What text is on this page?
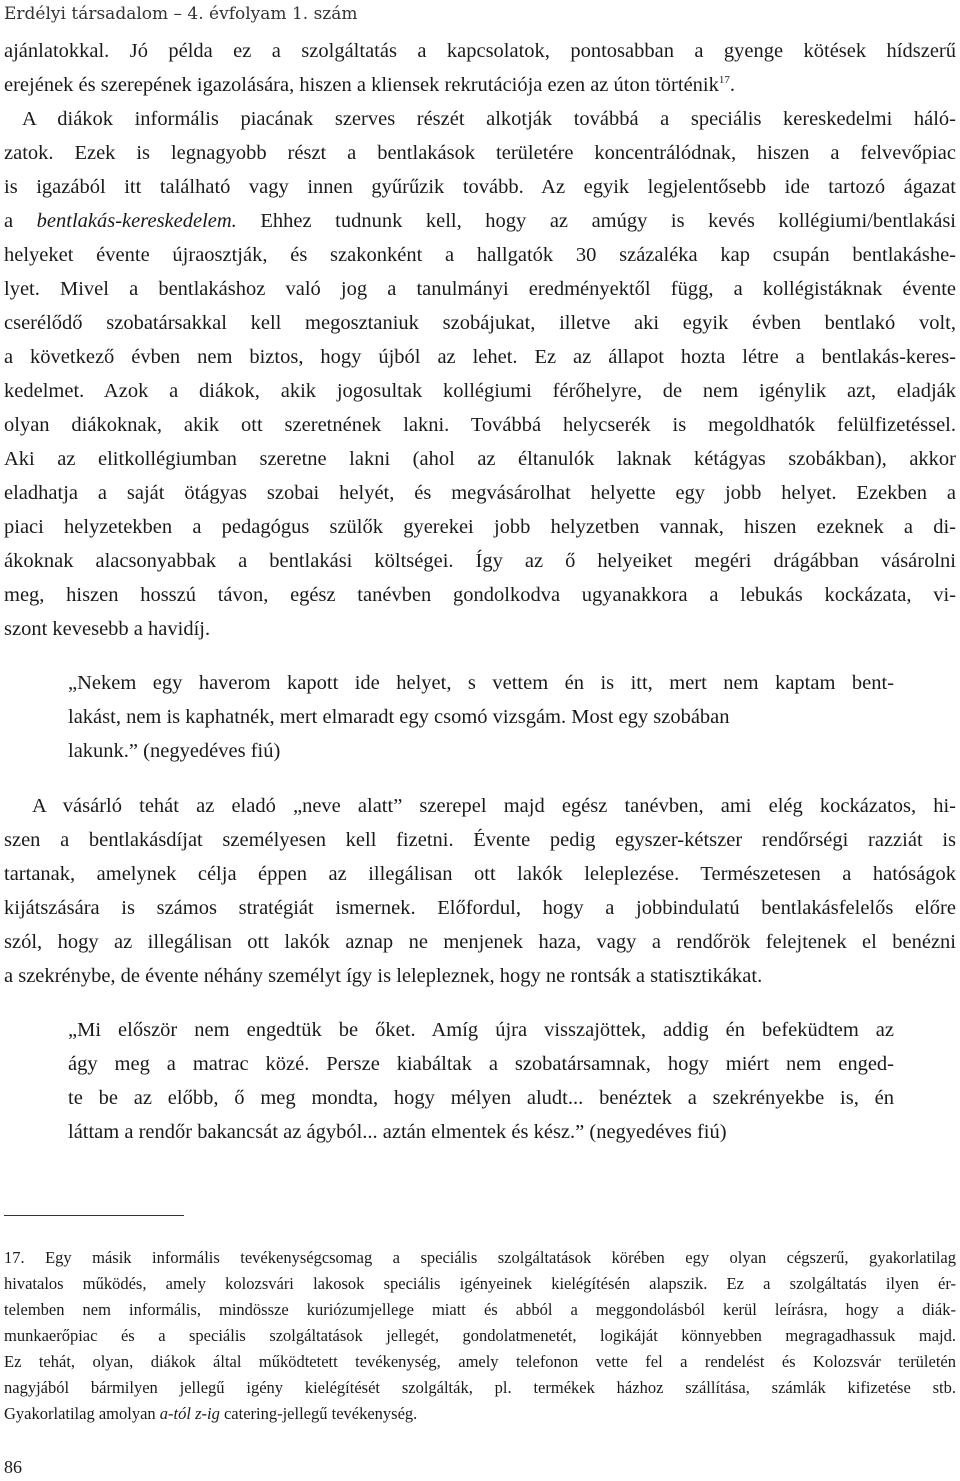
Erdélyi társadalom – 4. évfolyam 1. szám
ajánlatokkal. Jó példa ez a szolgáltatás a kapcsolatok, pontosabban a gyenge kötések hídszerű
erejének és szerepének igazolására, hiszen a kliensek rekrutációja ezen az úton történik$^{17}$.
A diákok informális piacának szerves részét alkotják továbbá a speciális kereskedelmi háló-
zatok. Ezek is legnagyobb részt a bentlakások területére koncentrálódnak, hiszen a felvevőpiac
is igazából itt található vagy innen gyűrűzik tovább. Az egyik legjelentősebb ide tartozó ágazat
a bentlakás-kereskedelem. Ehhez tudnunk kell, hogy az amúgy is kevés kollégiumi/bentlakási
helyeket évente újraosztják, és szakonként a hallgatók 30 százaléka kap csupán bentlakáshe-
lyet. Mivel a bentlakáshoz való jog a tanulmányi eredményektől függ, a kollégistáknak évente
cserélődő szobatársakkal kell megosztaniuk szobájukat, illetve aki egyik évben bentlakó volt,
a következő évben nem biztos, hogy újból az lehet. Ez az állapot hozta létre a bentlakás-keres-
kedelmet. Azok a diákok, akik jogosultak kollégiumi férőhelyre, de nem igénylik azt, eladják
olyan diákoknak, akik ott szeretnének lakni. Továbbá helycserék is megoldhatók felülfizetéssel.
Aki az elitkollégiumban szeretne lakni (ahol az éltanulók laknak kétágyas szobákban), akkor
eladhatja a saját ötágyas szobai helyét, és megvásárolhat helyette egy jobb helyet. Ezekben a
piaci helyzetekben a pedagógus szülők gyerekei jobb helyzetben vannak, hiszen ezeknek a di-
ákoknak alacsonyabbak a bentlakási költségei. Így az ő helyeiket megéri drágábban vásárolni
meg, hiszen hosszú távon, egész tanévben gondolkodva ugyanakkora a lebukás kockázata, vi-
szont kevesebb a havidíj.
„Nekem egy haverom kapott ide helyet, s vettem én is itt, mert nem kaptam bent-
lakást, nem is kaphatnék, mert elmaradt egy csomó vizsgám. Most egy szobában
lakunk.” (negyedéves fiú)
A vásárló tehát az eladó „neve alatt” szerepel majd egész tanévben, ami elég kockázatos, hi-
szen a bentlakásdíjat személyesen kell fizetni. Évente pedig egyszer-kétszer rendőrségi razziát is
tartanak, amelynek célja éppen az illegálisan ott lakók leleplezése. Természetesen a hatóságok
kijátszására is számos stratégiát ismernek. Előfordul, hogy a jobbindulatú bentlakásfelelős előre
szól, hogy az illegálisan ott lakók aznap ne menjenek haza, vagy a rendőrök felejtenek el benézni
a szekrénybe, de évente néhány személyt így is lelepleznek, hogy ne rontsák a statisztikákat.
„Mi először nem engedtük be őket. Amíg újra visszajöttek, addig én befeküdtem az
ágy meg a matrac közé. Persze kiabáltak a szobatársamnak, hogy miért nem enged-
te be az előbb, ő meg mondta, hogy mélyen aludt... benéztek a szekrényekbe is, én
láttam a rendőr bakancsát az ágyból... aztán elmentek és kész.” (negyedéves fiú)
17. Egy másik informális tevékenységcsomag a speciális szolgáltatások körében egy olyan cégszerű, gyakorlatilag
hivatalos működés, amely kolozsvári lakosok speciális igényeinek kielégítésén alapszik. Ez a szolgáltatás ilyen ér-
telemben nem informális, mindössze kuriózumjellege miatt és abból a meggondolásból kerül leírásra, hogy a diák-
munkaerőpiac és a speciális szolgáltatások jellegét, gondolatmenetét, logikáját könnyebben megragadhassuk majd.
Ez tehát, olyan, diákok által működtetett tevékenység, amely telefonon vette fel a rendelést és Kolozsvár területén
nagyjából bármilyen jellegű igény kielégítését szolgálták, pl. termékek házhoz szállítása, számlák kifizetése stb.
Gyakorlatilag amolyan a-tól z-ig catering-jellegű tevékenység.
86
